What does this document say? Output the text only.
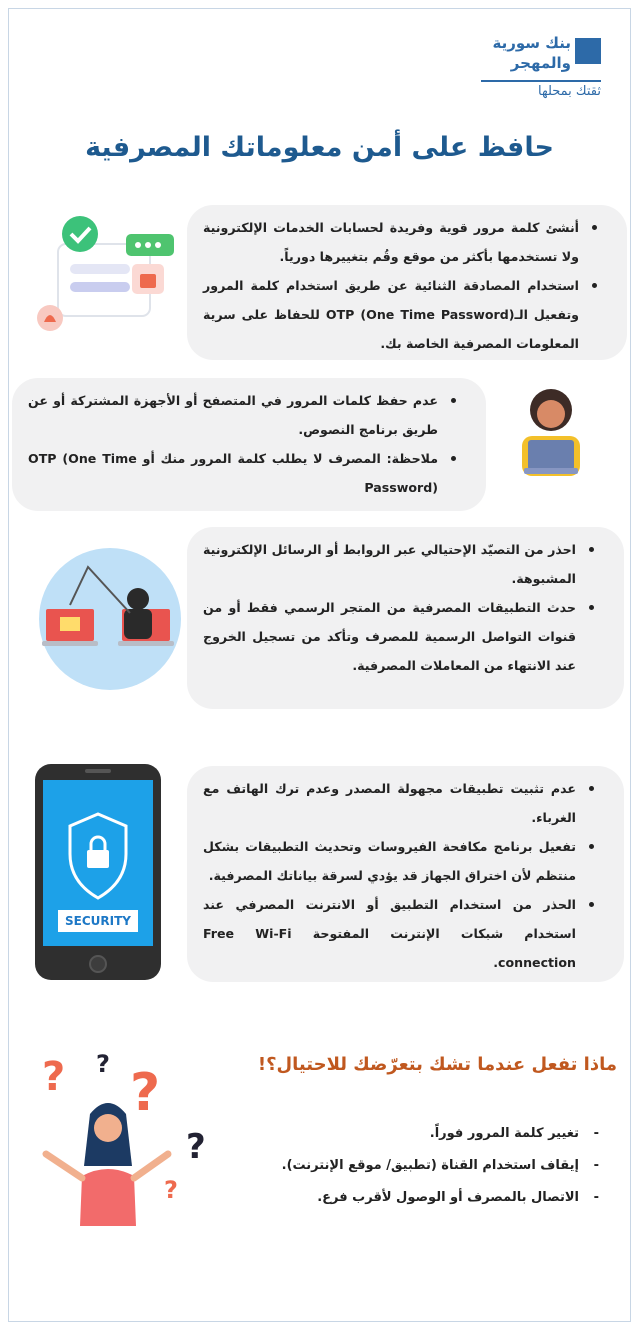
بنك سورية
والمهجر
ثقتك بمحلها
حافظ على أمن معلوماتك المصرفية
أنشئ كلمة مرور قوية وفريدة لحسابات الخدمات الإلكترونية ولا تستخدمها بأكثر من موقع وقُم بتغييرها دورياً.
استخدام المصادقة الثنائية عن طريق استخدام كلمة المرور وتفعيل الـOTP (One Time Password) للحفاظ على سرية المعلومات المصرفية الخاصة بك.
عدم حفظ كلمات المرور في المتصفح أو الأجهزة المشتركة أو عن طريق برنامج النصوص.
ملاحظة: المصرف لا يطلب كلمة المرور منك أو OTP (One Time Password)
احذر من التصيّد الإحتيالي عبر الروابط أو الرسائل الإلكترونية المشبوهة.
حدث التطبيقات المصرفية من المتجر الرسمي فقط أو من قنوات التواصل الرسمية للمصرف وتأكد من تسجيل الخروج عند الانتهاء من المعاملات المصرفية.
SECURITY
عدم تثبيت تطبيقات مجهولة المصدر وعدم ترك الهاتف مع الغرباء.
تفعيل برنامج مكافحة الفيروسات وتحديث التطبيقات بشكل منتظم لأن اختراق الجهاز قد يؤدي لسرقة بياناتك المصرفية.
الحذر من استخدام التطبيق أو الانترنت المصرفي عند استخدام شبكات الإنترنت المفتوحة Free Wi-Fi connection.
? ? ?
?
?
ماذا تفعل عندما تشك بتعرّضك للاحتيال؟!
- تغيير كلمة المرور فوراً.
- إيقاف استخدام القناة (تطبيق/ موقع الإنترنت).
- الاتصال بالمصرف أو الوصول لأقرب فرع.
